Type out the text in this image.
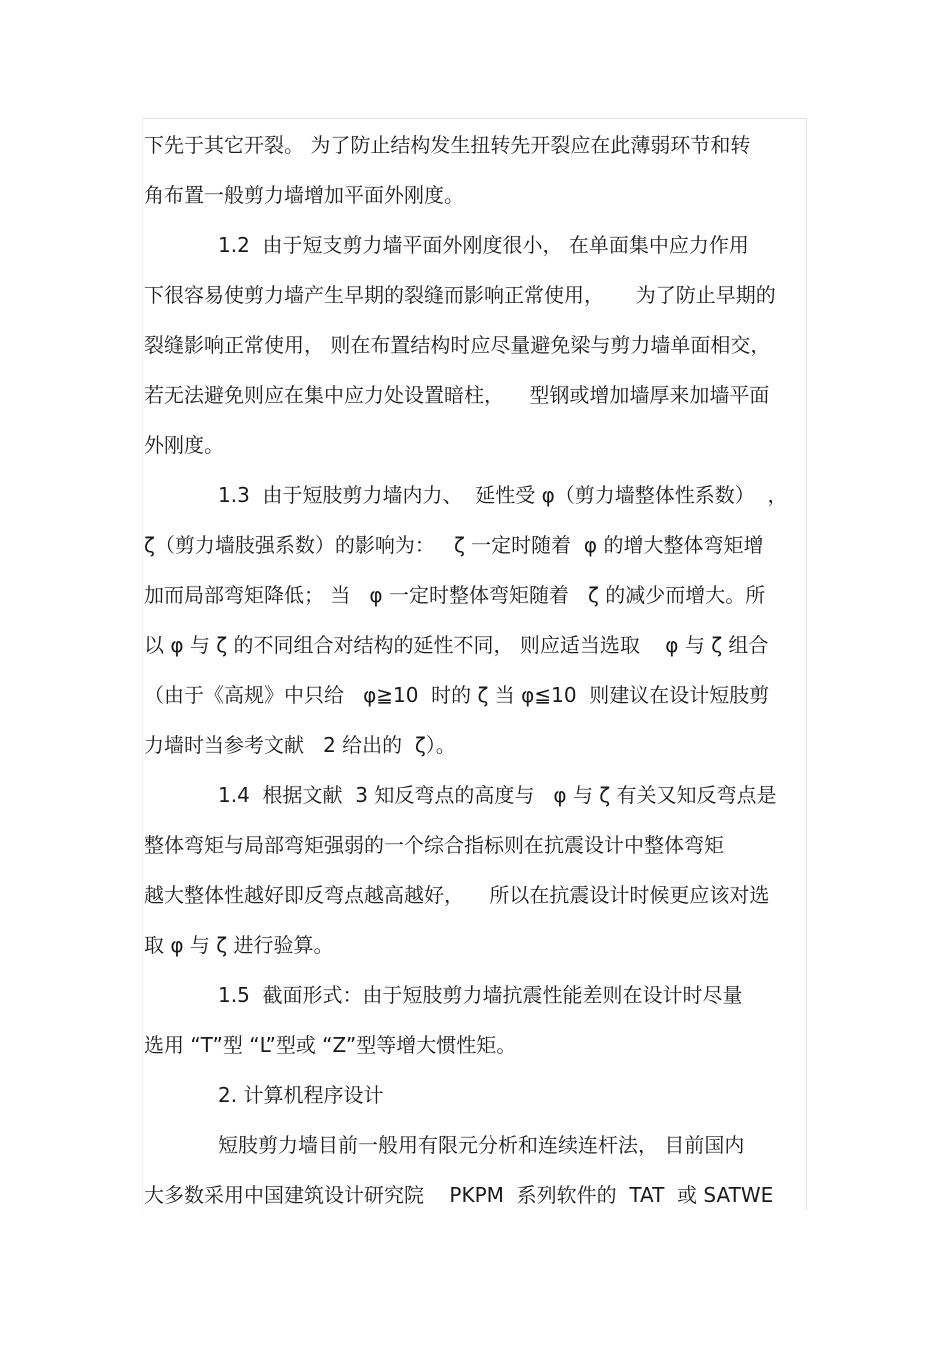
下先于其它开裂。 为了防止结构发生扭转先开裂应在此薄弱环节和转
角布置一般剪力墙增加平面外刚度。
1.2  由于短支剪力墙平面外刚度很小， 在单面集中应力作用
下很容易使剪力墙产生早期的裂缝而影响正常使用，     为了防止早期的
裂缝影响正常使用， 则在布置结构时应尽量避免梁与剪力墙单面相交，
若无法避免则应在集中应力处设置暗柱，    型钢或增加墙厚来加墙平面
外刚度。
1.3  由于短肢剪力墙内力、  延性受 φ（剪力墙整体性系数）  ，
ζ（剪力墙肢强系数）的影响为：   ζ 一定时随着  φ 的增大整体弯矩增
加而局部弯矩降低； 当   φ 一定时整体弯矩随着   ζ 的减少而增大。所
以 φ 与 ζ 的不同组合对结构的延性不同， 则应适当选取    φ 与 ζ 组合
（由于《高规》中只给   φ≧10  时的 ζ 当 φ≦10  则建议在设计短肢剪
力墙时当参考文献   2 给出的  ζ）。
1.4  根据文献  3 知反弯点的高度与   φ 与 ζ 有关又知反弯点是
整体弯矩与局部弯矩强弱的一个综合指标则在抗震设计中整体弯矩
越大整体性越好即反弯点越高越好，    所以在抗震设计时候更应该对选
取 φ 与 ζ 进行验算。
1.5  截面形式：由于短肢剪力墙抗震性能差则在设计时尽量
选用 “T”型 “L”型或 “Z”型等增大惯性矩。
2. 计算机程序设计
短肢剪力墙目前一般用有限元分析和连续连杆法， 目前国内
大多数采用中国建筑设计研究院    PKPM  系列软件的  TAT  或 SATWE
